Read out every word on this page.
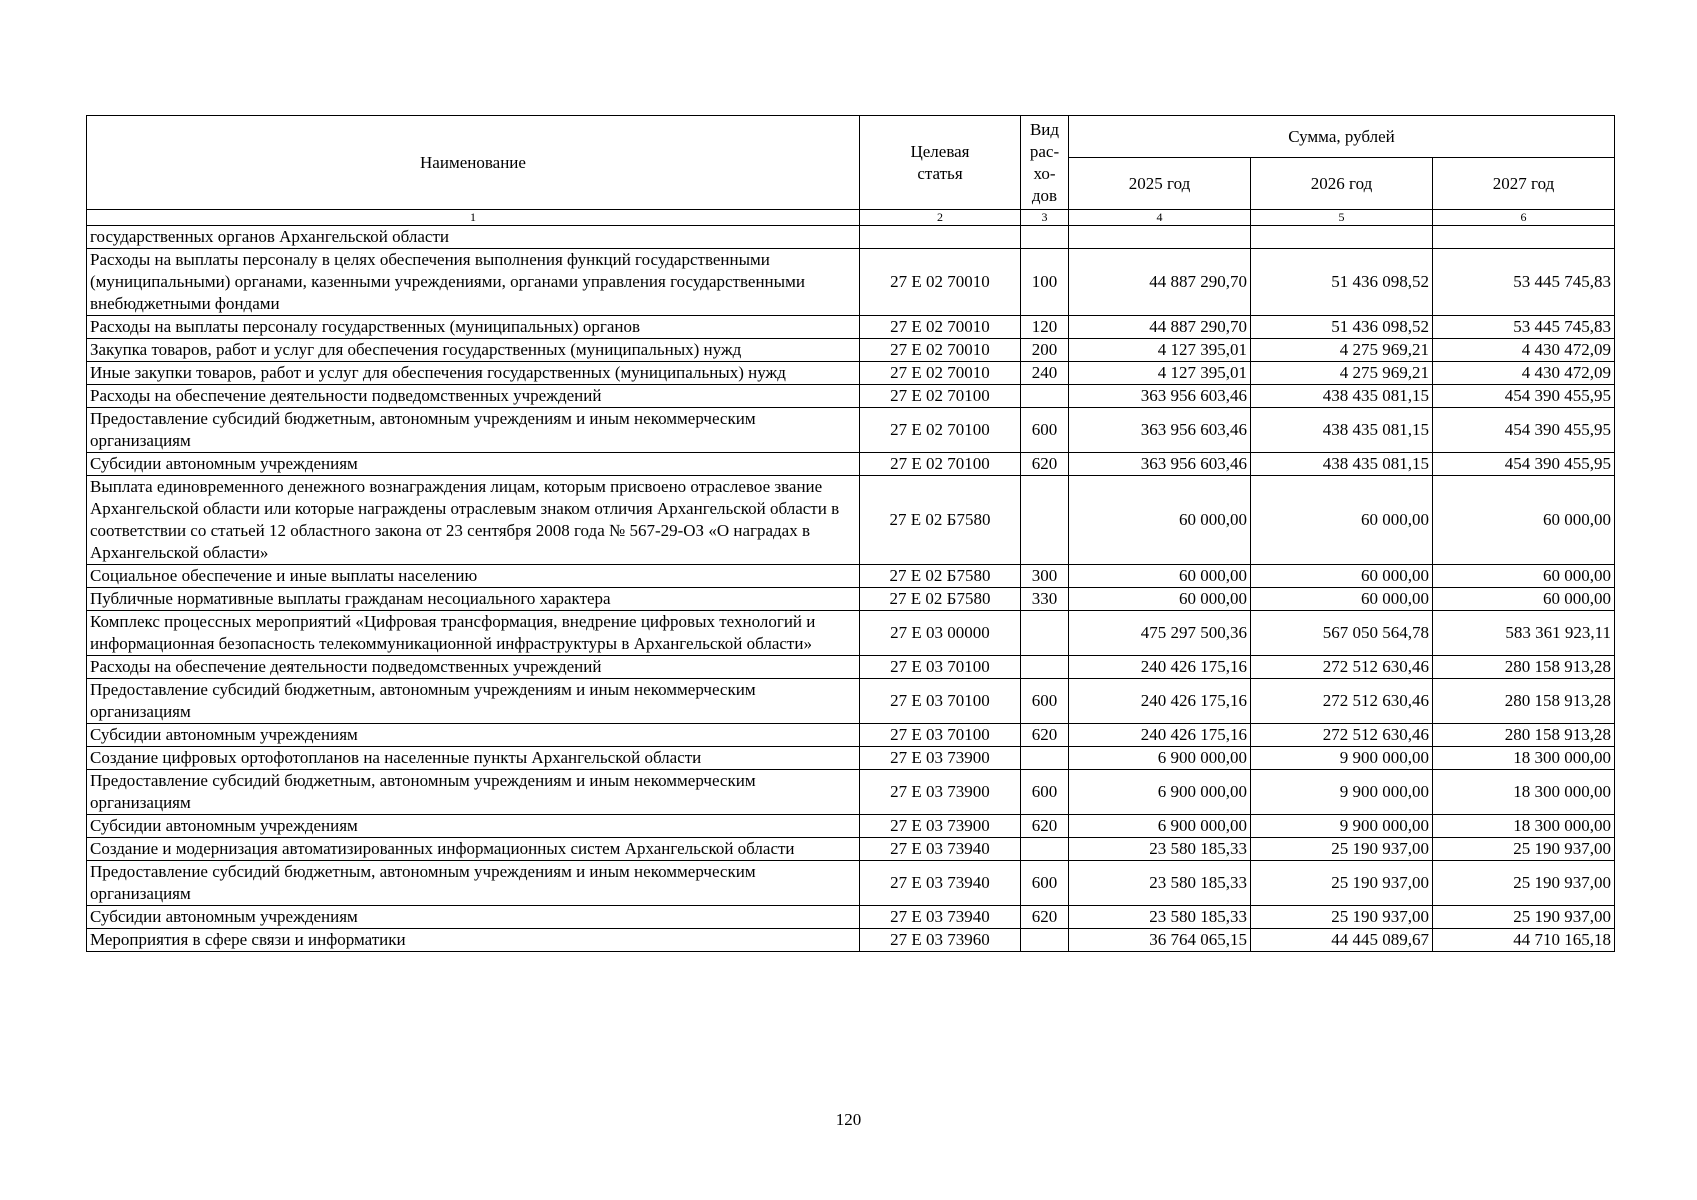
Наименование	Целевая статья	Вид
рас-
хо-
дов	Сумма, рублей		
			2025 год	2026 год	2027 год
1	2	3	4	5	6
государственных органов Архангельской области					
Расходы на выплаты персоналу в целях обеспечения выполнения функций государственными (муниципальными) органами, казенными учреждениями, органами управления государственными внебюджетными фондами	27 Е 02 70010	100	44 887 290,70	51 436 098,52	53 445 745,83
Расходы на выплаты персоналу государственных (муниципальных) органов	27 Е 02 70010	120	44 887 290,70	51 436 098,52	53 445 745,83
Закупка товаров, работ и услуг для обеспечения государственных (муниципальных) нужд	27 Е 02 70010	200	4 127 395,01	4 275 969,21	4 430 472,09
Иные закупки товаров, работ и услуг для обеспечения государственных (муниципальных) нужд	27 Е 02 70010	240	4 127 395,01	4 275 969,21	4 430 472,09
Расходы на обеспечение деятельности подведомственных учреждений	27 Е 02 70100		363 956 603,46	438 435 081,15	454 390 455,95
Предоставление субсидий бюджетным, автономным учреждениям и иным некоммерческим организациям	27 Е 02 70100	600	363 956 603,46	438 435 081,15	454 390 455,95
Субсидии автономным учреждениям	27 Е 02 70100	620	363 956 603,46	438 435 081,15	454 390 455,95
Выплата единовременного денежного вознаграждения лицам, которым присвоено отраслевое звание Архангельской области или которые награждены отраслевым знаком отличия Архангельской области в соответствии со статьей 12 областного закона от 23 сентября 2008 года № 567-29-ОЗ «О наградах в Архангельской области»	27 Е 02 Б7580		60 000,00	60 000,00	60 000,00
Социальное обеспечение и иные выплаты населению	27 Е 02 Б7580	300	60 000,00	60 000,00	60 000,00
Публичные нормативные выплаты гражданам несоциального характера	27 Е 02 Б7580	330	60 000,00	60 000,00	60 000,00
Комплекс процессных мероприятий «Цифровая трансформация, внедрение цифровых технологий и информационная безопасность телекоммуникационной инфраструктуры в Архангельской области»	27 Е 03 00000		475 297 500,36	567 050 564,78	583 361 923,11
Расходы на обеспечение деятельности подведомственных учреждений	27 Е 03 70100		240 426 175,16	272 512 630,46	280 158 913,28
Предоставление субсидий бюджетным, автономным учреждениям и иным некоммерческим организациям	27 Е 03 70100	600	240 426 175,16	272 512 630,46	280 158 913,28
Субсидии автономным учреждениям	27 Е 03 70100	620	240 426 175,16	272 512 630,46	280 158 913,28
Создание цифровых ортофотопланов на населенные пункты Архангельской области	27 Е 03 73900		6 900 000,00	9 900 000,00	18 300 000,00
Предоставление субсидий бюджетным, автономным учреждениям и иным некоммерческим организациям	27 Е 03 73900	600	6 900 000,00	9 900 000,00	18 300 000,00
Субсидии автономным учреждениям	27 Е 03 73900	620	6 900 000,00	9 900 000,00	18 300 000,00
Создание и модернизация автоматизированных информационных систем Архангельской области	27 Е 03 73940		23 580 185,33	25 190 937,00	25 190 937,00
Предоставление субсидий бюджетным, автономным учреждениям и иным некоммерческим организациям	27 Е 03 73940	600	23 580 185,33	25 190 937,00	25 190 937,00
Субсидии автономным учреждениям	27 Е 03 73940	620	23 580 185,33	25 190 937,00	25 190 937,00
Мероприятия в сфере связи и информатики	27 Е 03 73960		36 764 065,15	44 445 089,67	44 710 165,18
120
